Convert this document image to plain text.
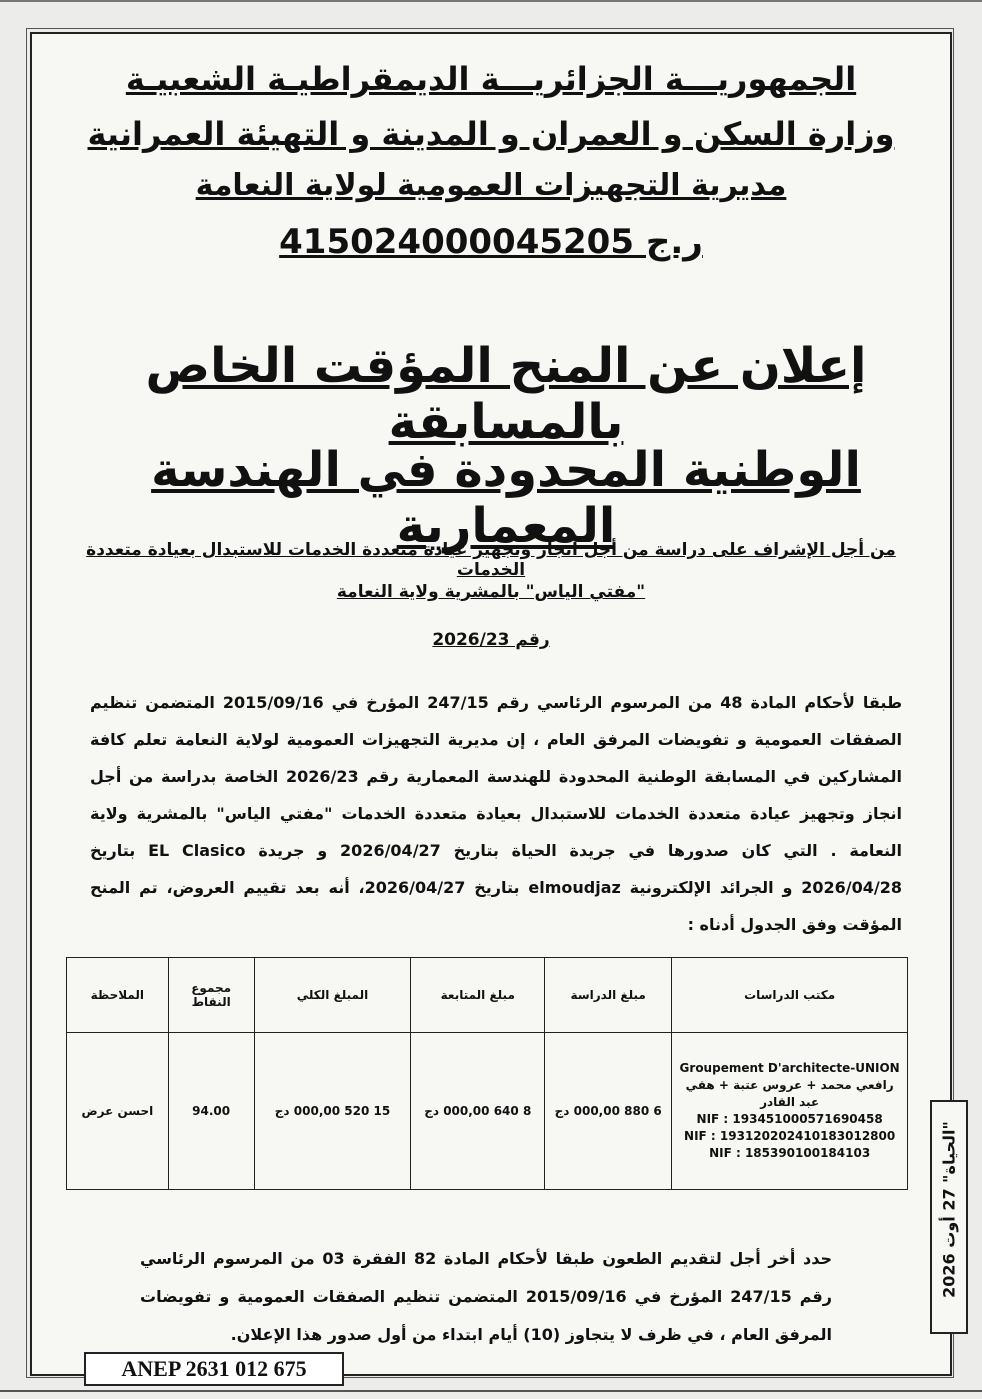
الجمهوريـــة الجزائريـــة الديمقراطيـة الشعبيـة
وزارة السكن و العمران و المدينة و التهيئة العمرانية
مديرية التجهيزات العمومية لولاية النعامة
ر.ج 415024000045205
إعلان عن المنح المؤقت الخاص بالمسابقة
الوطنية المحدودة في الهندسة المعمارية
من أجل الإشراف على دراسة من أجل انجاز وتجهيز عيادة متعددة الخدمات للاستبدال بعيادة متعددة الخدمات
"مفتي الياس" بالمشرية ولاية النعامة
رقم 2026/23
طبقا لأحكام المادة 48 من المرسوم الرئاسي رقم 247/15 المؤرخ في 2015/09/16 المتضمن تنظيم الصفقات العمومية و تفويضات المرفق العام ، إن مديرية التجهيزات العمومية لولاية النعامة تعلم كافة المشاركين في المسابقة الوطنية المحدودة للهندسة المعمارية رقم 2026/23 الخاصة بدراسة من أجل انجاز وتجهيز عيادة متعددة الخدمات للاستبدال بعيادة متعددة الخدمات "مفتي الياس" بالمشرية ولاية النعامة . التي كان صدورها في جريدة الحياة بتاريخ 2026/04/27 و جريدة EL Clasico بتاريخ 2026/04/28 و الجرائد الإلكترونية elmoudjaz بتاريخ 2026/04/27، أنه بعد تقييم العروض، تم المنح المؤقت وفق الجدول أدناه :
مكتب الدراسات	مبلغ الدراسة	مبلغ المتابعة	المبلغ الكلي	مجموع النقاط	الملاحظة

Groupement D'architecte-UNION
رافعي محمد + عروس عتبة + هقي عبد القادر
NIF : 193451000571690458
NIF : 193120202410183012800
NIF : 185390100184103	6 880 000,00 دج	8 640 000,00 دج	15 520 000,00 دج	94.00	احسن عرض
حدد أخر أجل لتقديم الطعون طبقا لأحكام المادة 82 الفقرة 03 من المرسوم الرئاسي رقم 247/15 المؤرخ في 2015/09/16 المتضمن تنظيم الصفقات العمومية و تفويضات المرفق العام ، في ظرف لا يتجاوز (10) أيام ابتداء من أول صدور هذا الإعلان.
ANEP 2631 012 675
"الحياة" 27 أوت 2026
